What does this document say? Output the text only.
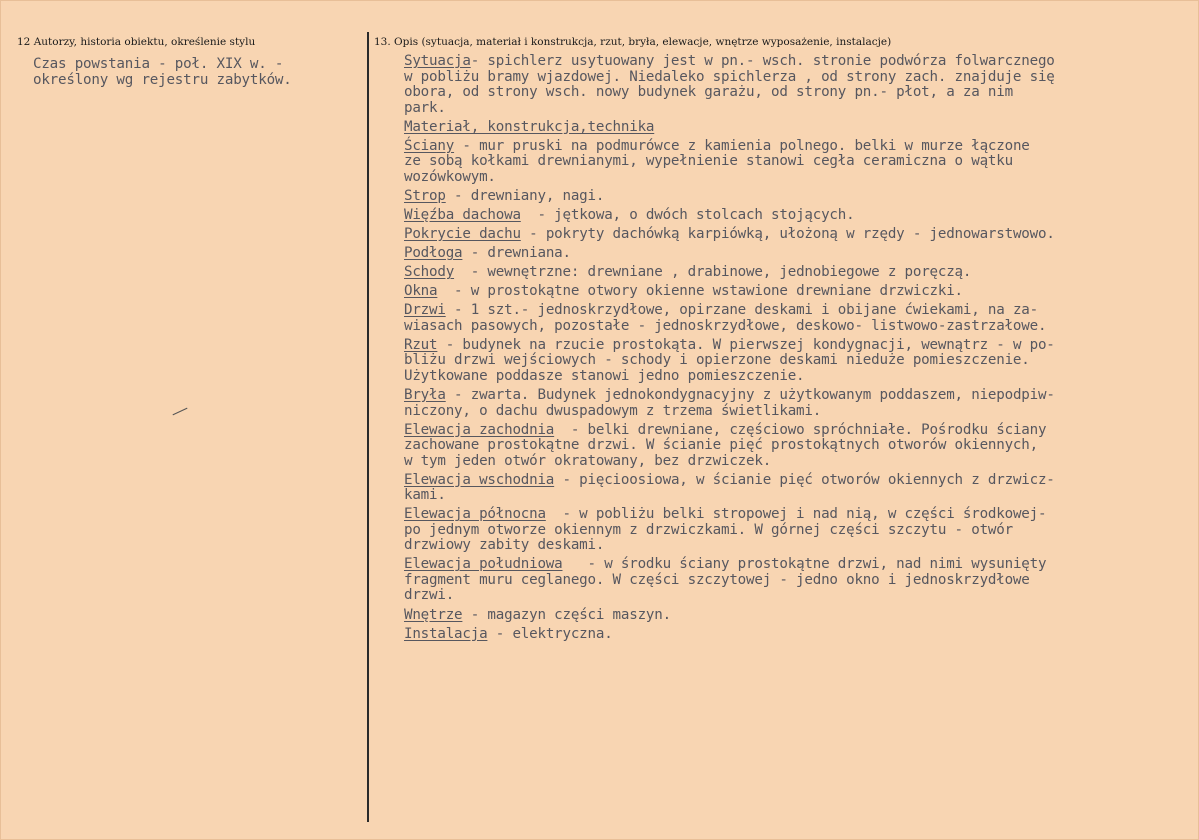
12 Autorzy, historia obiektu, określenie stylu	13. Opis (sytuacja, materiał i konstrukcja, rzut, bryła, elewacje, wnętrze wyposażenie, instalacje)
Czas powstania - poł. XIX w. -
określony wg rejestru zabytków.
Sytuacja- spichlerz usytuowany jest w pn.- wsch. stronie podwórza folwarcznego
w pobliżu bramy wjazdowej. Niedaleko spichlerza , od strony zach. znajduje się
obora, od strony wsch. nowy budynek garażu, od strony pn.- płot, a za nim
park.
Materiał, konstrukcja,technika
Ściany - mur pruski na podmurówce z kamienia polnego. belki w murze łączone
ze sobą kołkami drewnianymi, wypełnienie stanowi cegła ceramiczna o wątku
wozówkowym.
Strop - drewniany, nagi.
Więźba dachowa  - jętkowa, o dwóch stolcach stojących.
Pokrycie dachu - pokryty dachówką karpiówką, ułożoną w rzędy - jednowarstwowo.
Podłoga - drewniana.
Schody  - wewnętrzne: drewniane , drabinowe, jednobiegowe z poręczą.
Okna  - w prostokątne otwory okienne wstawione drewniane drzwiczki.
Drzwi - 1 szt.- jednoskrzydłowe, opirzane deskami i obijane ćwiekami, na za-
wiasach pasowych, pozostałe - jednoskrzydłowe, deskowo- listwowo-zastrzałowe.
Rzut - budynek na rzucie prostokąta. W pierwszej kondygnacji, wewnątrz - w po-
bliżu drzwi wejściowych - schody i opierzone deskami nieduże pomieszczenie.
Użytkowane poddasze stanowi jedno pomieszczenie.
Bryła - zwarta. Budynek jednokondygnacyjny z użytkowanym poddaszem, niepodpiw-
niczony, o dachu dwuspadowym z trzema świetlikami.
Elewacja zachodnia  - belki drewniane, częściowo spróchniałe. Pośrodku ściany
zachowane prostokątne drzwi. W ścianie pięć prostokątnych otworów okiennych,
w tym jeden otwór okratowany, bez drzwiczek.
Elewacja wschodnia - pięcioosiowa, w ścianie pięć otworów okiennych z drzwicz-
kami.
Elewacja północna  - w pobliżu belki stropowej i nad nią, w części środkowej-
po jednym otworze okiennym z drzwiczkami. W górnej części szczytu - otwór
drzwiowy zabity deskami.
Elewacja południowa   - w środku ściany prostokątne drzwi, nad nimi wysunięty
fragment muru ceglanego. W części szczytowej - jedno okno i jednoskrzydłowe
drzwi.
Wnętrze - magazyn części maszyn.
Instalacja - elektryczna.
